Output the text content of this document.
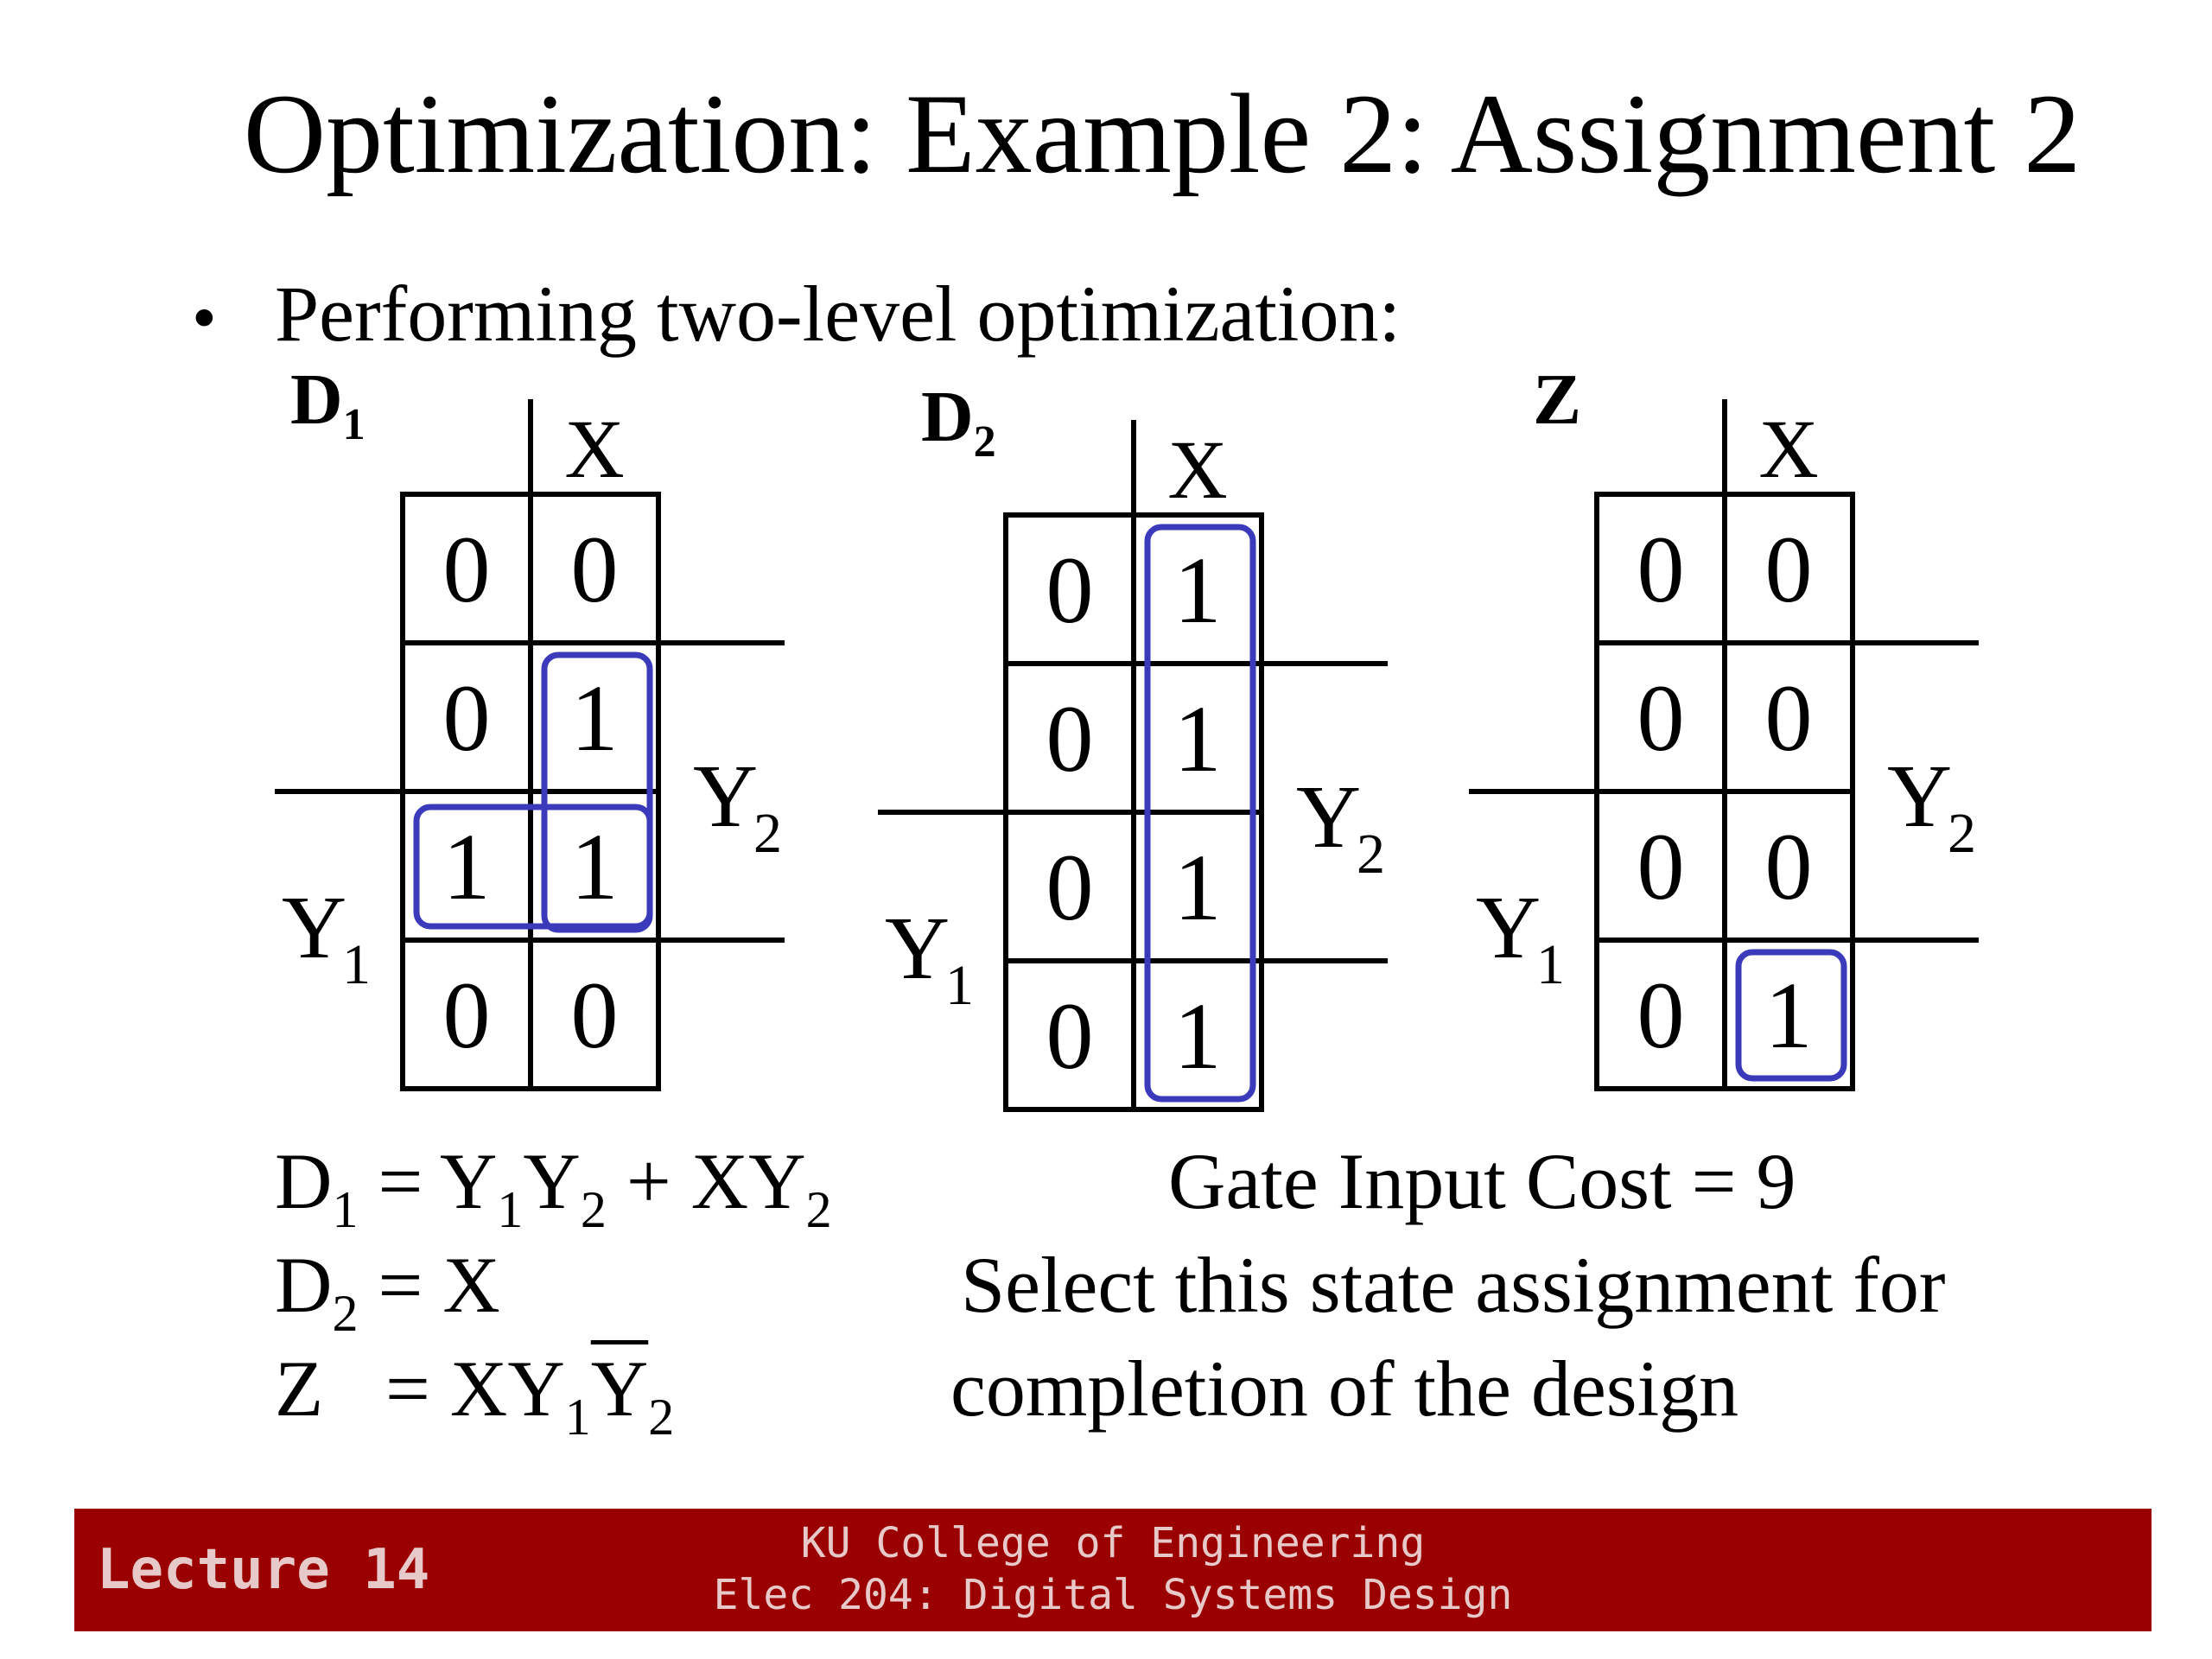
Optimization: Example 2: Assignment 2
• Performing two-level optimization:
$D_1$	$D_2$
Z
0 0
0 1
1 1
0 0
X
Y
2
Y
1
0 1
0 1
0 1
0 1
X
Y
2
Y
1
0 0
0 0
0 0
0 1
X
Y
2
Y
1
$D_1 = Y_1Y_2 + XY_2$
$D_2 = X$
$Z = XY_1\overline{Y}_2$
Gate Input Cost = 9
Select this state assignment for
completion of the design
Lecture 14	KU College of Engineering
Elec 204: Digital Systems Design
